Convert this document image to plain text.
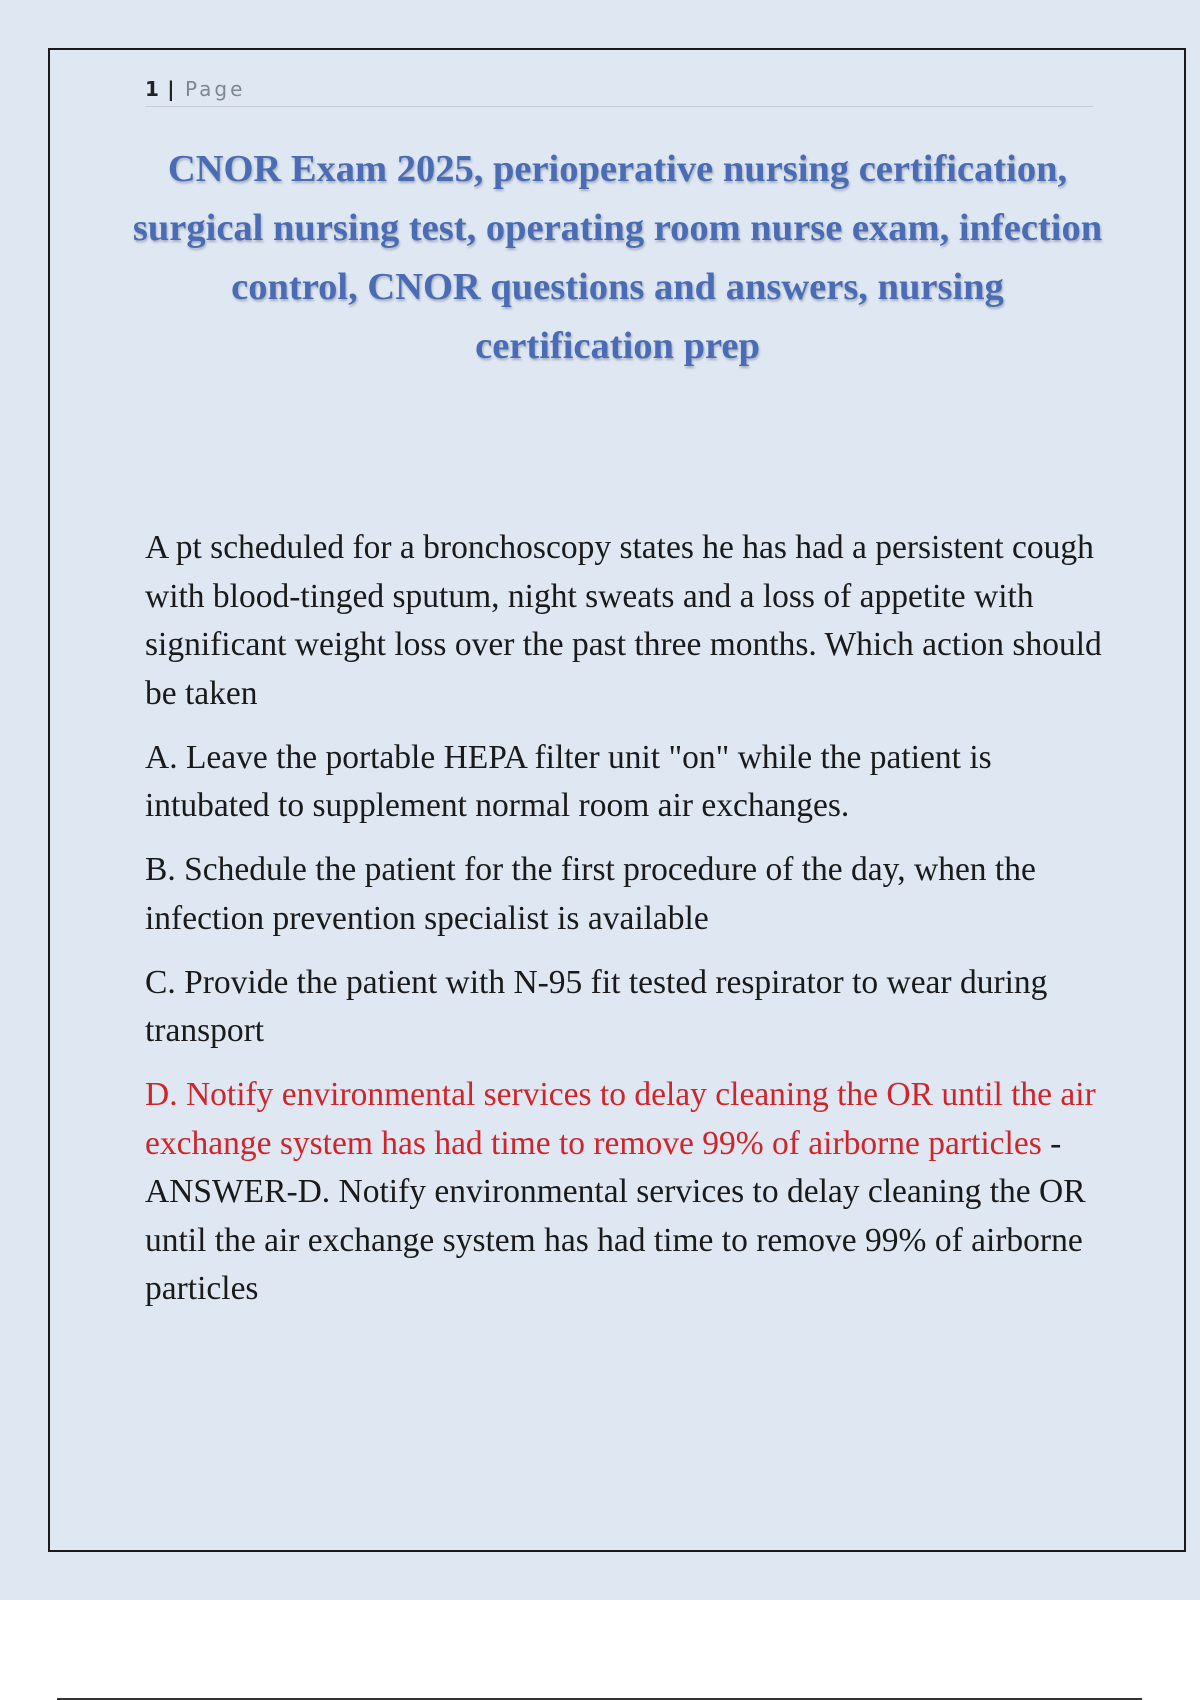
1 | Page
CNOR Exam 2025, perioperative nursing certification, surgical nursing test, operating room nurse exam, infection control, CNOR questions and answers, nursing certification prep

A pt scheduled for a bronchoscopy states he has had a persistent cough with blood-tinged sputum, night sweats and a loss of appetite with significant weight loss over the past three months. Which action should be taken

A. Leave the portable HEPA filter unit "on" while the patient is intubated to supplement normal room air exchanges.

B. Schedule the patient for the first procedure of the day, when the infection prevention specialist is available

C. Provide the patient with N-95 fit tested respirator to wear during transport

D. Notify environmental services to delay cleaning the OR until the air exchange system has had time to remove 99% of airborne particles - ANSWER-D. Notify environmental services to delay cleaning the OR until the air exchange system has had time to remove 99% of airborne particles
